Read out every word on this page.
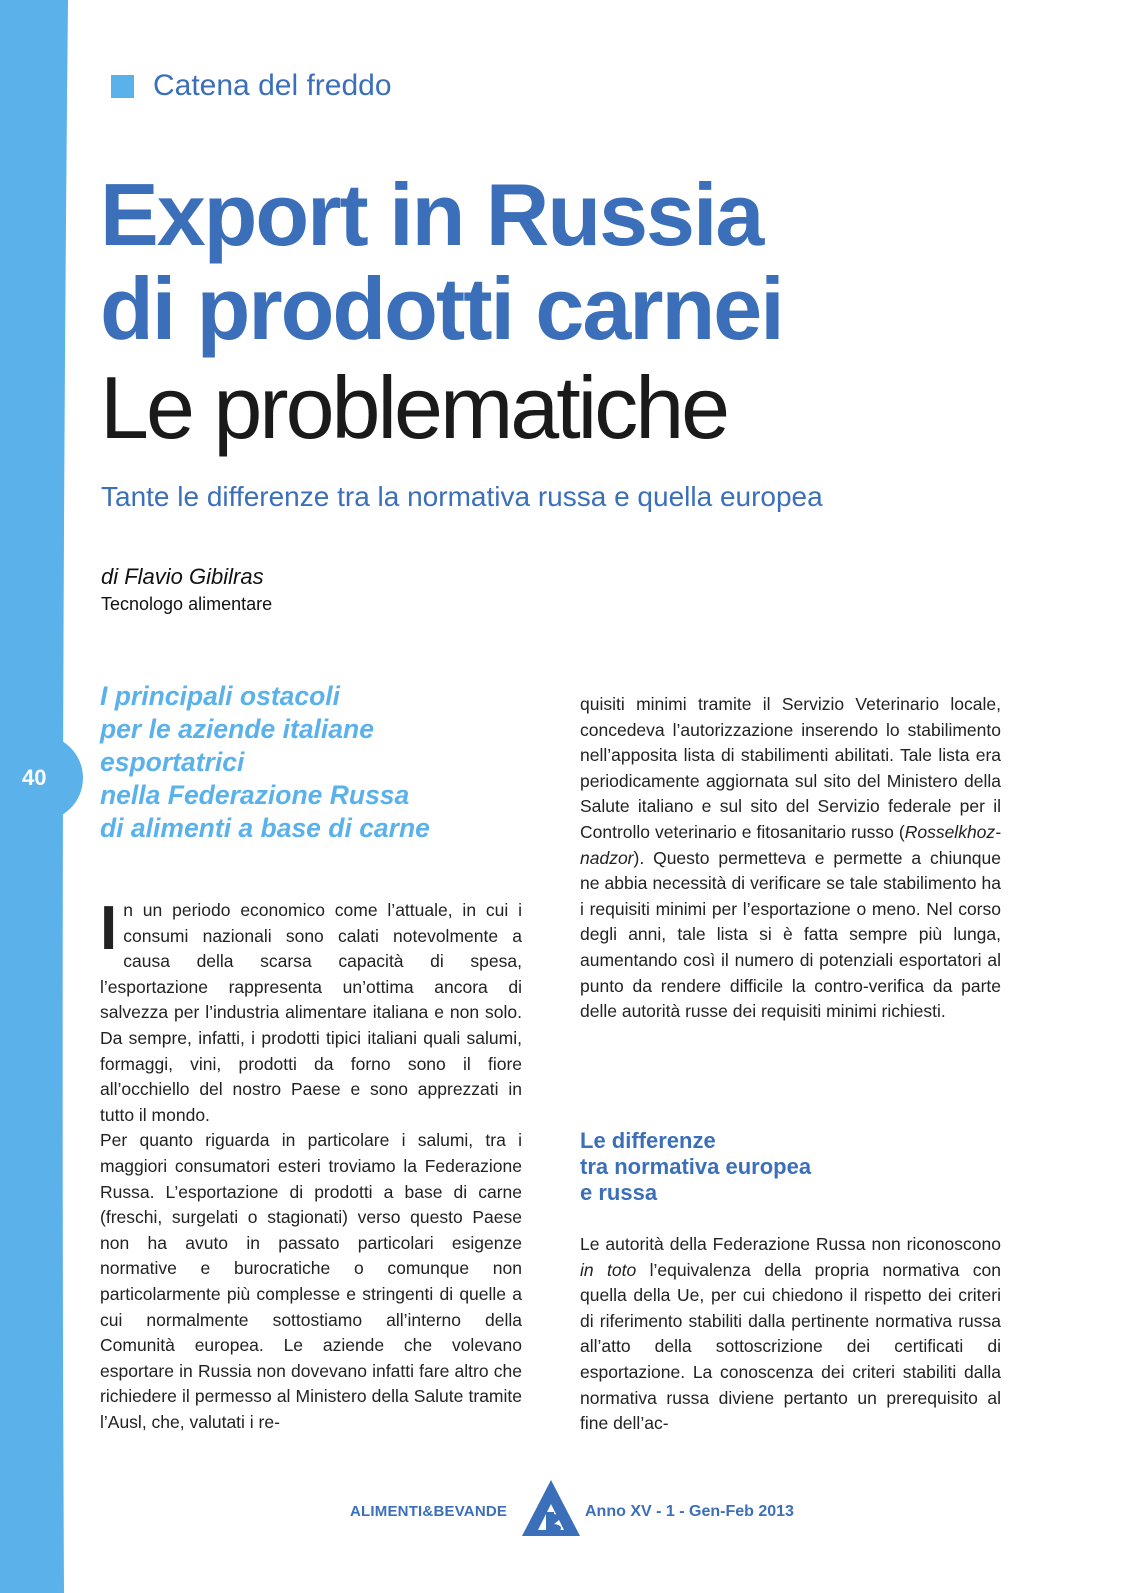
40
Catena del freddo
Export in Russia
di prodotti carnei
Le problematiche
Tante le differenze tra la normativa russa e quella europea
di Flavio Gibilras
Tecnologo alimentare
I principali ostacoli
per le aziende italiane
esportatrici
nella Federazione Russa
di alimenti a base di carne

In un periodo economico come l’attuale, in cui i consumi nazionali sono calati notevolmente a causa della scarsa capacità di spesa, l’esportazione rappresenta un’ottima ancora di salvezza per l’industria alimentare italiana e non solo. Da sempre, infatti, i prodotti tipici italiani quali salumi, formaggi, vini, prodotti da forno sono il fiore all’occhiello del nostro Paese e sono apprezzati in tutto il mondo.

Per quanto riguarda in particolare i salumi, tra i maggiori consumatori esteri troviamo la Federazione Russa. L’esportazione di prodotti a base di carne (freschi, surgelati o stagionati) verso questo Paese non ha avuto in passato particolari esigenze normative e burocratiche o comunque non particolarmente più complesse e stringenti di quelle a cui normalmente sottostiamo all’interno della Comunità europea. Le aziende che volevano esportare in Russia non dovevano infatti fare altro che richiedere il permesso al Ministero della Salute tramite l’Ausl, che, valutati i re-

quisiti minimi tramite il Servizio Veterinario locale, concedeva l’autorizzazione inserendo lo stabilimento nell’apposita lista di stabilimenti abilitati. Tale lista era periodicamente aggiornata sul sito del Ministero della Salute italiano e sul sito del Servizio federale per il Controllo veterinario e fitosanitario russo (Rosselkhoz-nadzor). Questo permetteva e permette a chiunque ne abbia necessità di verificare se tale stabilimento ha i requisiti minimi per l’esportazione o meno. Nel corso degli anni, tale lista si è fatta sempre più lunga, aumentando così il numero di potenziali esportatori al punto da rendere difficile la contro-verifica da parte delle autorità russe dei requisiti minimi richiesti.

Le differenze
tra normativa europea
e russa

Le autorità della Federazione Russa non riconoscono in toto l’equivalenza della propria normativa con quella della Ue, per cui chiedono il rispetto dei criteri di riferimento stabiliti dalla pertinente normativa russa all’atto della sottoscrizione dei certificati di esportazione. La conoscenza dei criteri stabiliti dalla normativa russa diviene pertanto un prerequisito al fine dell’ac-

ALIMENTI&BEVANDE	Anno XV - 1 - Gen-Feb 2013
